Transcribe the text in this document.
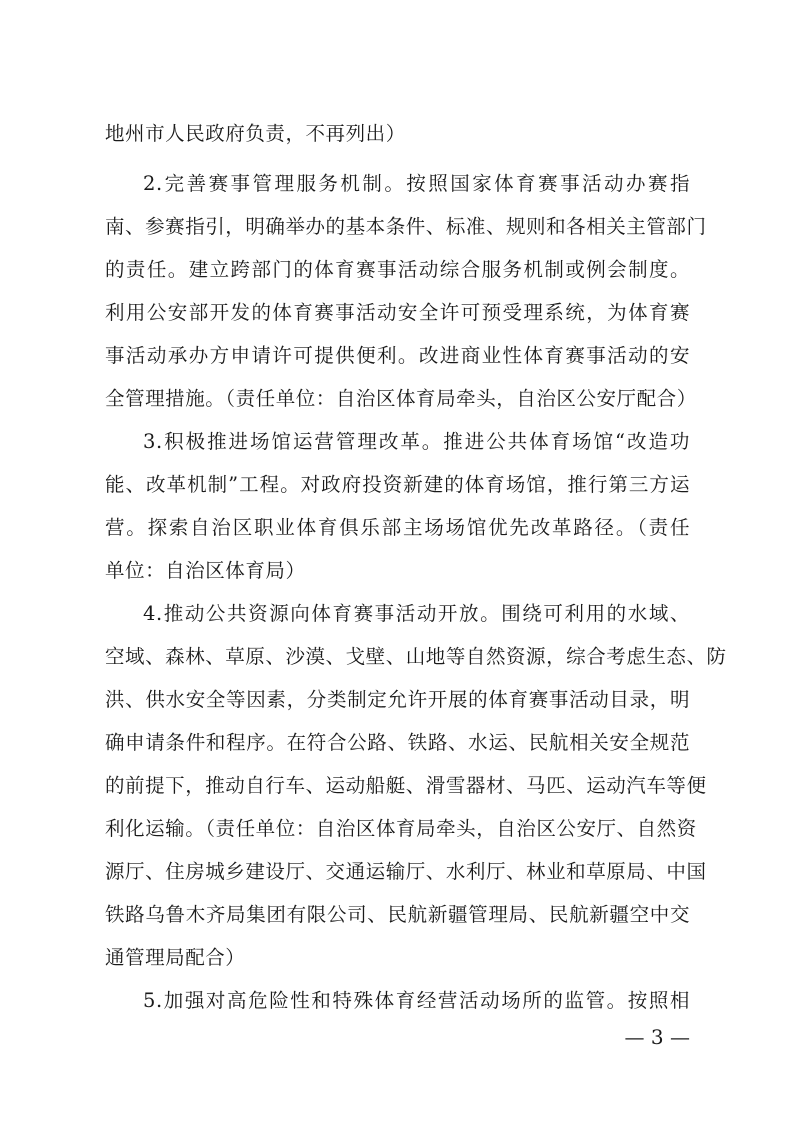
地州市人民政府负责，不再列出）
2.完善赛事管理服务机制。按照国家体育赛事活动办赛指
南、参赛指引，明确举办的基本条件、标准、规则和各相关主管部门
的责任。建立跨部门的体育赛事活动综合服务机制或例会制度。
利用公安部开发的体育赛事活动安全许可预受理系统，为体育赛
事活动承办方申请许可提供便利。改进商业性体育赛事活动的安
全管理措施。（责任单位：自治区体育局牵头，自治区公安厅配合）
3.积极推进场馆运营管理改革。推进公共体育场馆“改造功
能、改革机制”工程。对政府投资新建的体育场馆，推行第三方运
营。探索自治区职业体育俱乐部主场场馆优先改革路径。（责任
单位：自治区体育局）
4.推动公共资源向体育赛事活动开放。围绕可利用的水域、
空域、森林、草原、沙漠、戈壁、山地等自然资源，综合考虑生态、防
洪、供水安全等因素，分类制定允许开展的体育赛事活动目录，明
确申请条件和程序。在符合公路、铁路、水运、民航相关安全规范
的前提下，推动自行车、运动船艇、滑雪器材、马匹、运动汽车等便
利化运输。（责任单位：自治区体育局牵头，自治区公安厅、自然资
源厅、住房城乡建设厅、交通运输厅、水利厅、林业和草原局、中国
铁路乌鲁木齐局集团有限公司、民航新疆管理局、民航新疆空中交
通管理局配合）
5.加强对高危险性和特殊体育经营活动场所的监管。按照相
— 3 —
